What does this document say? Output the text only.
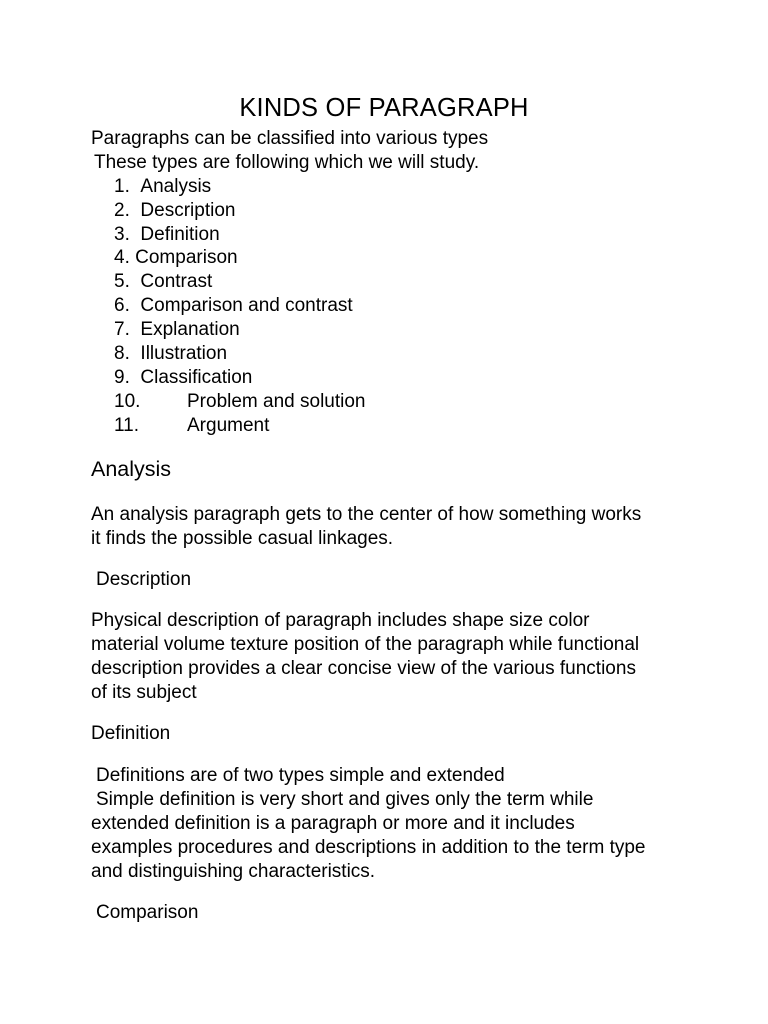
KINDS OF PARAGRAPH
Paragraphs can be classified into various types
These types are following which we will study.
1. Analysis
2. Description
3. Definition
4. Comparison
5. Contrast
6. Comparison and contrast
7. Explanation
8. Illustration
9. Classification
10. Problem and solution
11.	Argument
Analysis
An analysis paragraph gets to the center of how something works
it finds the possible casual linkages.
Description
Physical description of paragraph includes shape size color
material volume texture position of the paragraph while functional
description provides a clear concise view of the various functions
of its subject
Definition
Definitions are of two types simple and extended
Simple definition is very short and gives only the term while
extended definition is a paragraph or more and it includes
examples procedures and descriptions in addition to the term type
and distinguishing characteristics.
Comparison
